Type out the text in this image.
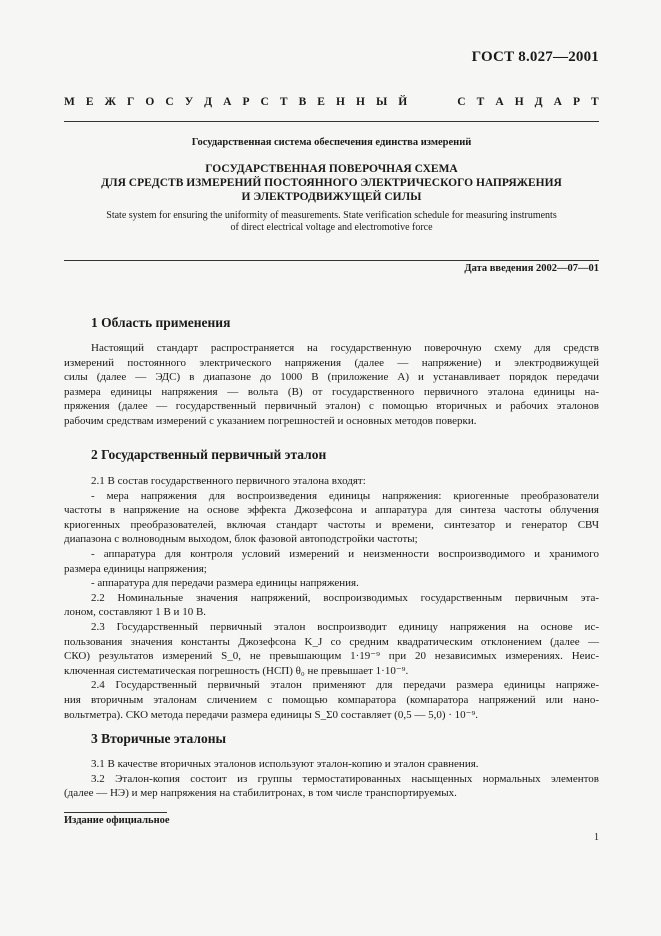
ГОСТ 8.027—2001
М Е Ж Г О С У Д А Р С Т В Е Н Н Ы Й	С Т А Н Д А Р Т
Государственная система обеспечения единства измерений
ГОСУДАРСТВЕННАЯ ПОВЕРОЧНАЯ СХЕМА
ДЛЯ СРЕДСТВ ИЗМЕРЕНИЙ ПОСТОЯННОГО ЭЛЕКТРИЧЕСКОГО НАПРЯЖЕНИЯ
И ЭЛЕКТРОДВИЖУЩЕЙ СИЛЫ
State system for ensuring the uniformity of measurements. State verification schedule for measuring instruments
of direct electrical voltage and electromotive force
Дата введения 2002—07—01
1 Область применения
Настоящий стандарт распространяется на государственную поверочную схему для средств
измерений постоянного электрического напряжения (далее — напряжение) и электродвижущей
силы (далее — ЭДС) в диапазоне до 1000 В (приложение А) и устанавливает порядок передачи
размера единицы напряжения — вольта (В) от государственного первичного эталона единицы на-
пряжения (далее — государственный первичный эталон) с помощью вторичных и рабочих эталонов
рабочим средствам измерений с указанием погрешностей и основных методов поверки.
2 Государственный первичный эталон
2.1 В состав государственного первичного эталона входят:
- мера напряжения для воспроизведения единицы напряжения: криогенные преобразователи
частоты в напряжение на основе эффекта Джозефсона и аппаратура для синтеза частоты облучения
криогенных преобразователей, включая стандарт частоты и времени, синтезатор и генератор СВЧ
диапазона с волноводным выходом, блок фазовой автоподстройки частоты;
- аппаратура для контроля условий измерений и неизменности воспроизводимого и хранимого
размера единицы напряжения;
- аппаратура для передачи размера единицы напряжения.
2.2 Номинальные значения напряжений, воспроизводимых государственным первичным эта-
лоном, составляют 1 В и 10 В.
2.3 Государственный первичный эталон воспроизводит единицу напряжения на основе ис-
пользования значения константы Джозефсона K_J со средним квадратическим отклонением (далее —
СКО) результатов измерений S_0, не превышающим 1·19⁻⁹ при 20 независимых измерениях. Неис-
ключенная систематическая погрешность (НСП) θ₀ не превышает 1·10⁻⁹.
2.4 Государственный первичный эталон применяют для передачи размера единицы напряже-
ния вторичным эталонам сличением с помощью компаратора (компаратора напряжений или нано-
вольтметра). СКО метода передачи размера единицы S_Σ0 составляет (0,5 — 5,0) · 10⁻⁹.
3 Вторичные эталоны
3.1 В качестве вторичных эталонов используют эталон-копию и эталон сравнения.
3.2 Эталон-копия состоит из группы термостатированных насыщенных нормальных элементов
(далее — НЭ) и мер напряжения на стабилитронах, в том числе транспортируемых.
Издание официальное
1
